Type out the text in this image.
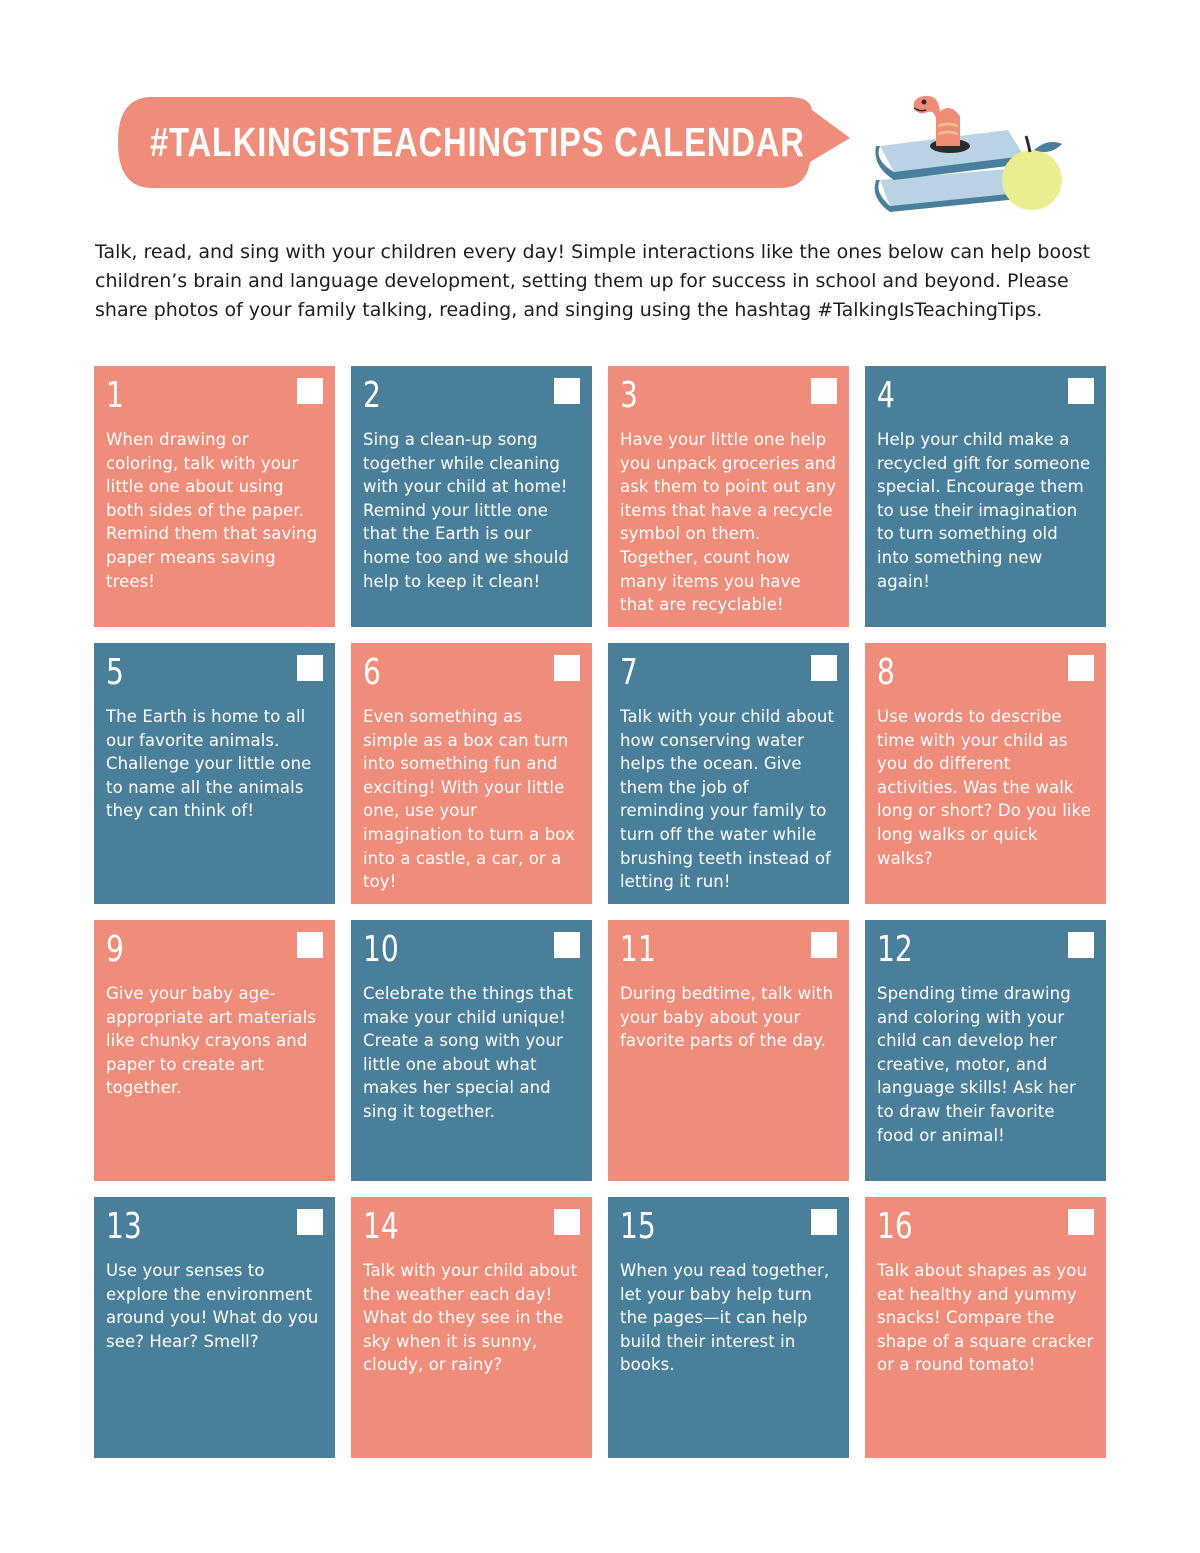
#TALKINGISTEACHINGTIPS CALENDAR

Talk, read, and sing with your children every day! Simple interactions like the ones below can help boost children’s brain and language development, setting them up for success in school and beyond. Please share photos of your family talking, reading, and singing using the hashtag #TalkingIsTeachingTips.

1
When drawing or coloring, talk with your little one about using both sides of the paper. Remind them that saving paper means saving trees!
2
Sing a clean-up song together while cleaning with your child at home! Remind your little one that the Earth is our home too and we should help to keep it clean!
3
Have your little one help you unpack groceries and ask them to point out any items that have a recycle symbol on them. Together, count how many items you have that are recyclable!
4
Help your child make a recycled gift for someone special. Encourage them to use their imagination to turn something old into something new again!
5
The Earth is home to all our favorite animals. Challenge your little one to name all the animals they can think of!
6
Even something as simple as a box can turn into something fun and exciting! With your little one, use your imagination to turn a box into a castle, a car, or a toy!
7
Talk with your child about how conserving water helps the ocean. Give them the job of reminding your family to turn off the water while brushing teeth instead of letting it run!
8
Use words to describe time with your child as you do different activities. Was the walk long or short? Do you like long walks or quick walks?
9
Give your baby age-appropriate art materials like chunky crayons and paper to create art together.
10
Celebrate the things that make your child unique! Create a song with your little one about what makes her special and sing it together.
11
During bedtime, talk with your baby about your favorite parts of the day.
12
Spending time drawing and coloring with your child can develop her creative, motor, and language skills! Ask her to draw their favorite food or animal!
13
Use your senses to explore the environment around you! What do you see? Hear? Smell?
14
Talk with your child about the weather each day! What do they see in the sky when it is sunny, cloudy, or rainy?
15
When you read together, let your baby help turn the pages—it can help build their interest in books.
16
Talk about shapes as you eat healthy and yummy snacks! Compare the shape of a square cracker or a round tomato!
